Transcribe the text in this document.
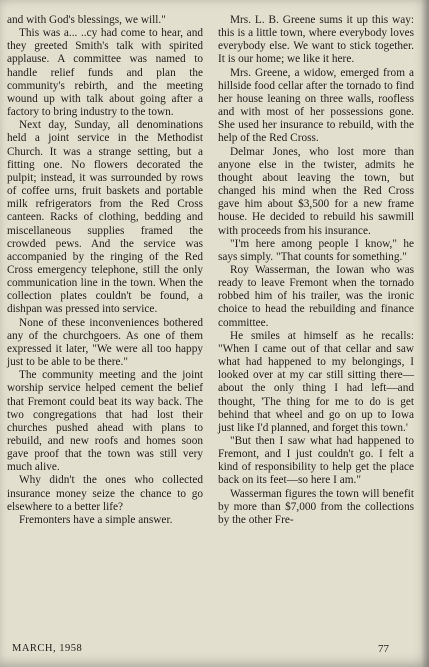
and with God's blessings, we will."

This was a... ..cy had come to hear, and they greeted Smith's talk with spirited applause. A committee was named to handle relief funds and plan the community's rebirth, and the meeting wound up with talk about going after a factory to bring industry to the town.

Next day, Sunday, all denominations held a joint service in the Methodist Church. It was a strange setting, but a fitting one. No flowers decorated the pulpit; instead, it was surrounded by rows of coffee urns, fruit baskets and portable milk refrigerators from the Red Cross canteen. Racks of clothing, bedding and miscellaneous supplies framed the crowded pews. And the service was accompanied by the ringing of the Red Cross emergency telephone, still the only communication line in the town. When the collection plates couldn't be found, a dishpan was pressed into service.

None of these inconveniences bothered any of the churchgoers. As one of them expressed it later, "We were all too happy just to be able to be there."

The community meeting and the joint worship service helped cement the belief that Fremont could beat its way back. The two congregations that had lost their churches pushed ahead with plans to rebuild, and new roofs and homes soon gave proof that the town was still very much alive.

Why didn't the ones who collected insurance money seize the chance to go elsewhere to a better life?

Fremonters have a simple answer.

Mrs. L. B. Greene sums it up this way: this is a little town, where everybody loves everybody else. We want to stick together. It is our home; we like it here.

Mrs. Greene, a widow, emerged from a hillside food cellar after the tornado to find her house leaning on three walls, roofless and with most of her possessions gone. She used her insurance to rebuild, with the help of the Red Cross.

Delmar Jones, who lost more than anyone else in the twister, admits he thought about leaving the town, but changed his mind when the Red Cross gave him about $3,500 for a new frame house. He decided to rebuild his sawmill with proceeds from his insurance.

"I'm here among people I know," he says simply. "That counts for something."

Roy Wasserman, the Iowan who was ready to leave Fremont when the tornado robbed him of his trailer, was the ironic choice to head the rebuilding and finance committee.

He smiles at himself as he recalls: "When I came out of that cellar and saw what had happened to my belongings, I looked over at my car still sitting there—about the only thing I had left—and thought, 'The thing for me to do is get behind that wheel and go on up to Iowa just like I'd planned, and forget this town.'

"But then I saw what had happened to Fremont, and I just couldn't go. I felt a kind of responsibility to help get the place back on its feet—so here I am."

Wasserman figures the town will benefit by more than $7,000 from the collections by the other Fre-

MARCH, 1958	77
